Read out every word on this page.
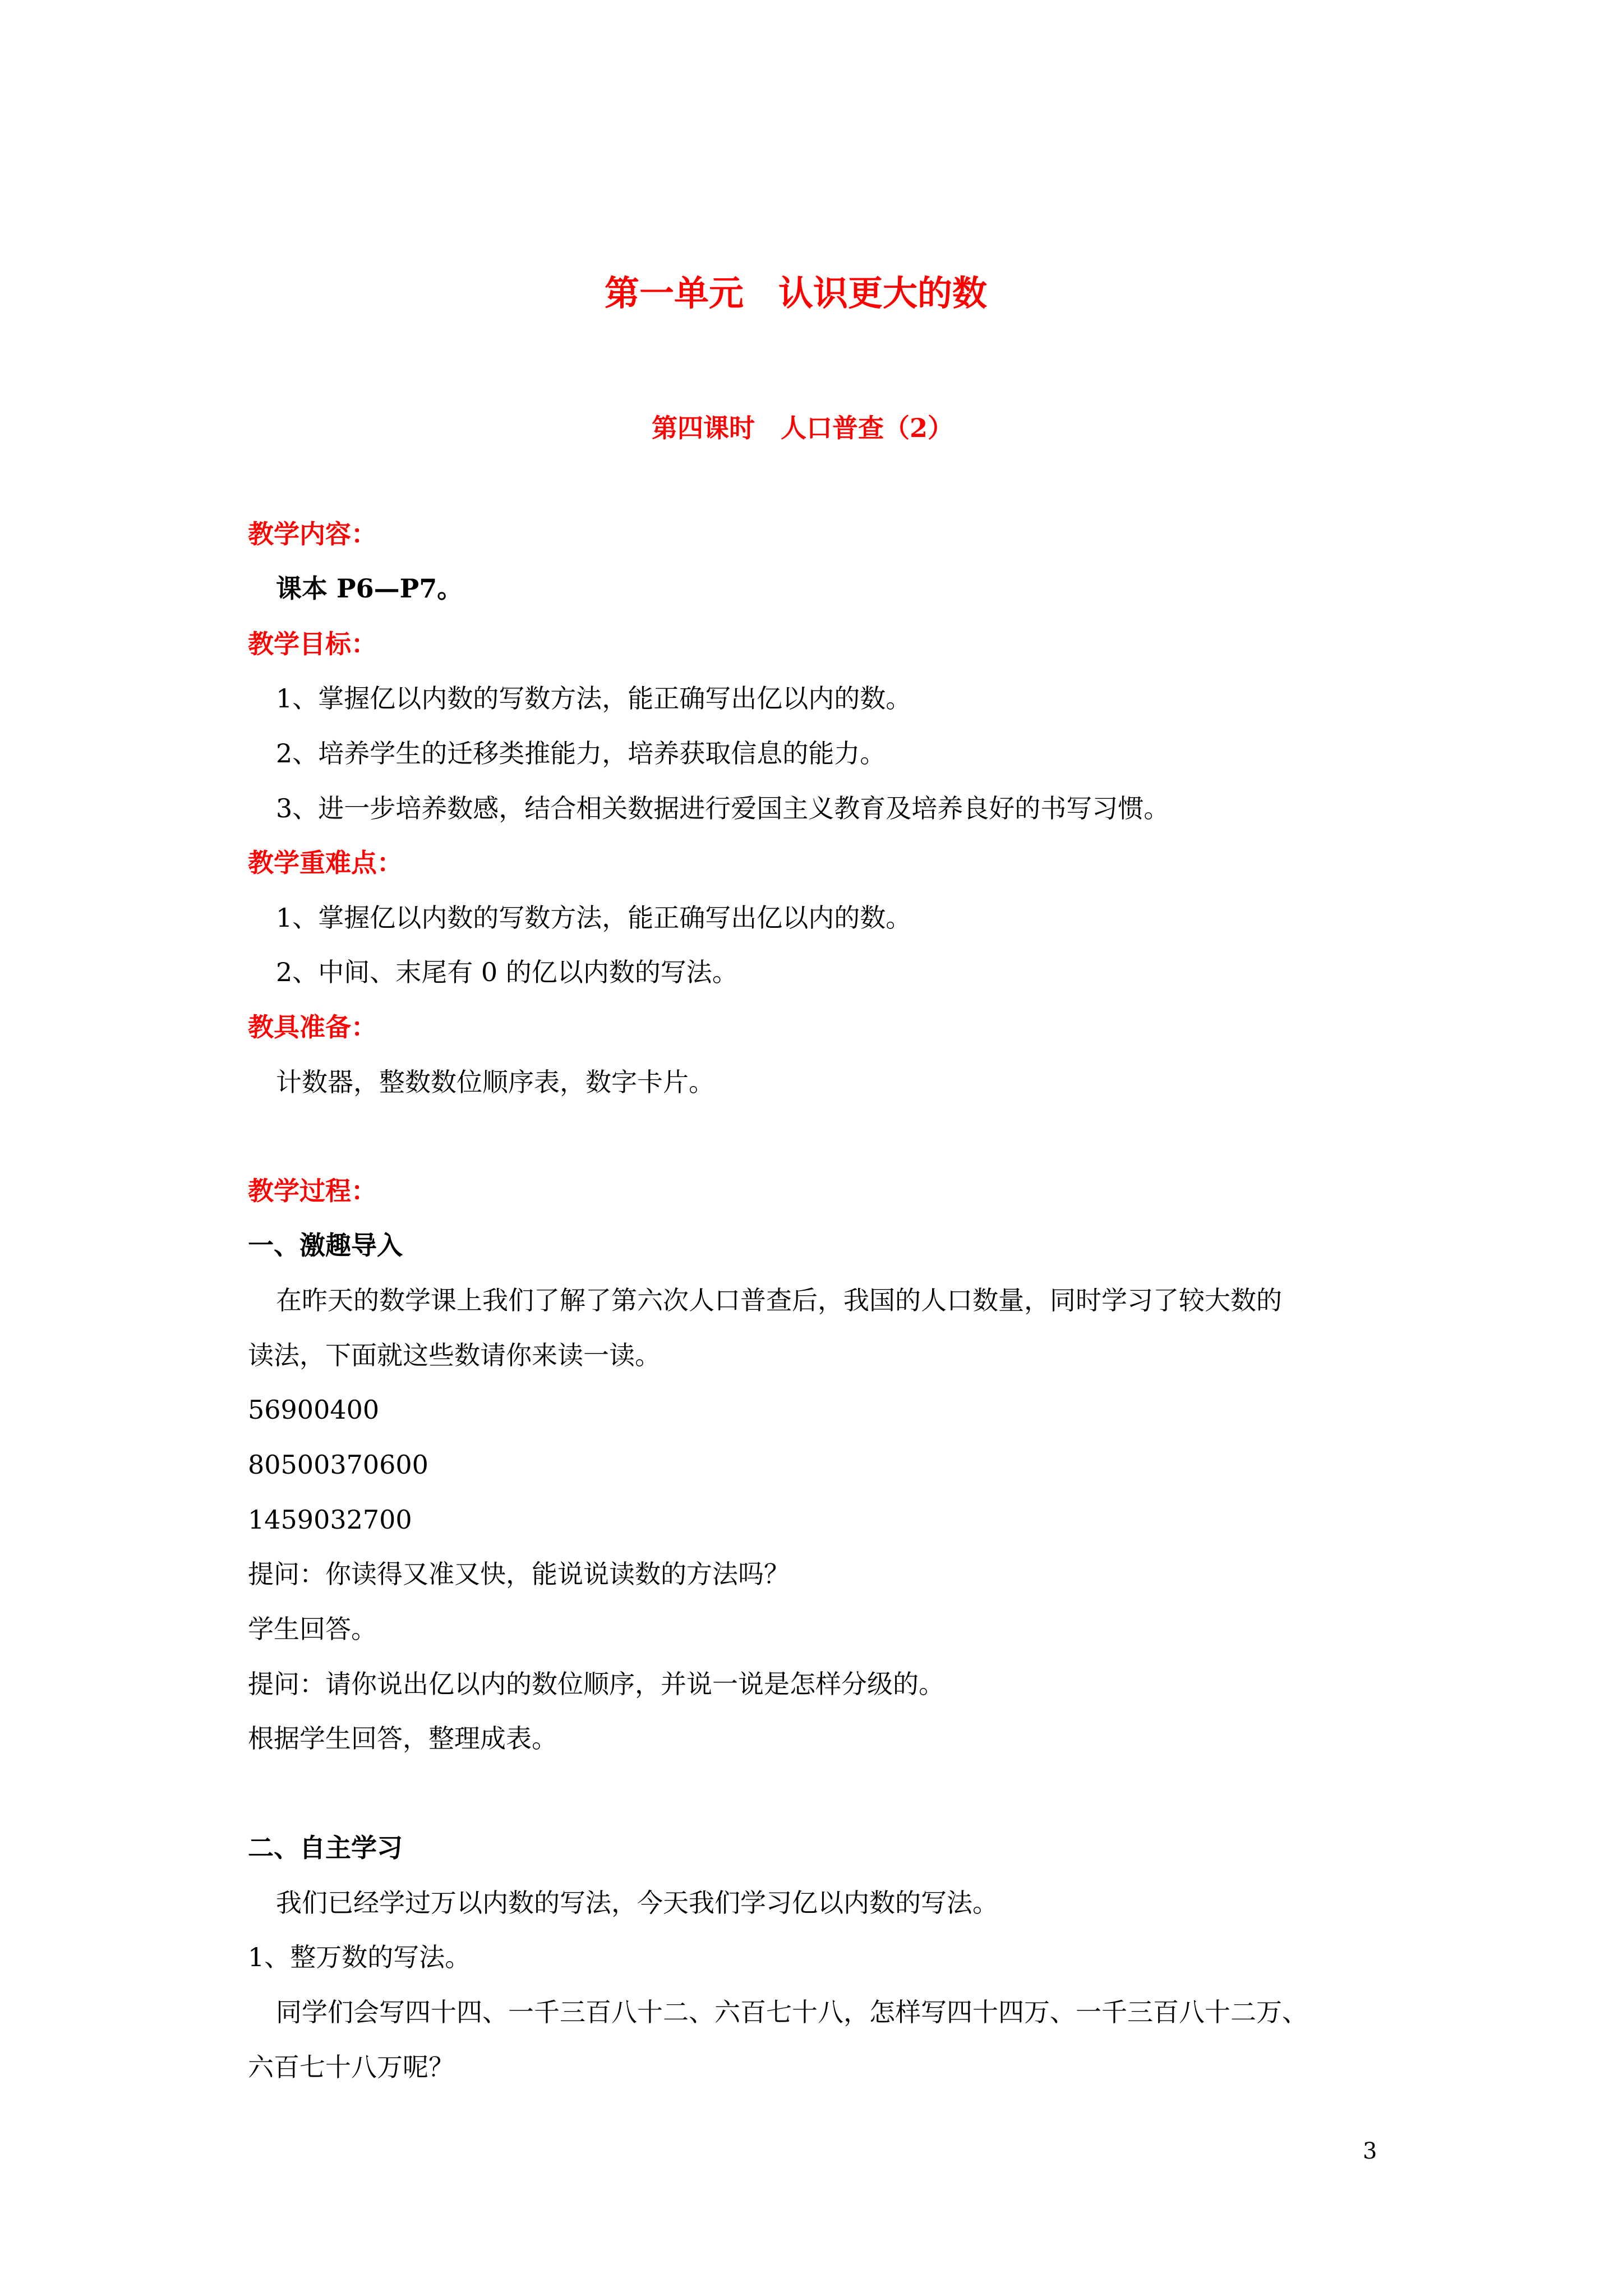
第一单元　认识更大的数
第四课时　人口普查（2）
教学内容：
课本 P6—P7。
教学目标：
1、掌握亿以内数的写数方法，能正确写出亿以内的数。
2、培养学生的迁移类推能力，培养获取信息的能力。
3、进一步培养数感，结合相关数据进行爱国主义教育及培养良好的书写习惯。
教学重难点：
1、掌握亿以内数的写数方法，能正确写出亿以内的数。
2、中间、末尾有 0 的亿以内数的写法。
教具准备：
计数器，整数数位顺序表，数字卡片。
教学过程：
一、激趣导入
在昨天的数学课上我们了解了第六次人口普查后，我国的人口数量，同时学习了较大数的
读法，下面就这些数请你来读一读。
56900400
80500370600
1459032700
提问：你读得又准又快，能说说读数的方法吗？
学生回答。
提问：请你说出亿以内的数位顺序，并说一说是怎样分级的。
根据学生回答，整理成表。
二、自主学习
我们已经学过万以内数的写法，今天我们学习亿以内数的写法。
1、整万数的写法。
同学们会写四十四、一千三百八十二、六百七十八，怎样写四十四万、一千三百八十二万、
六百七十八万呢？
3
